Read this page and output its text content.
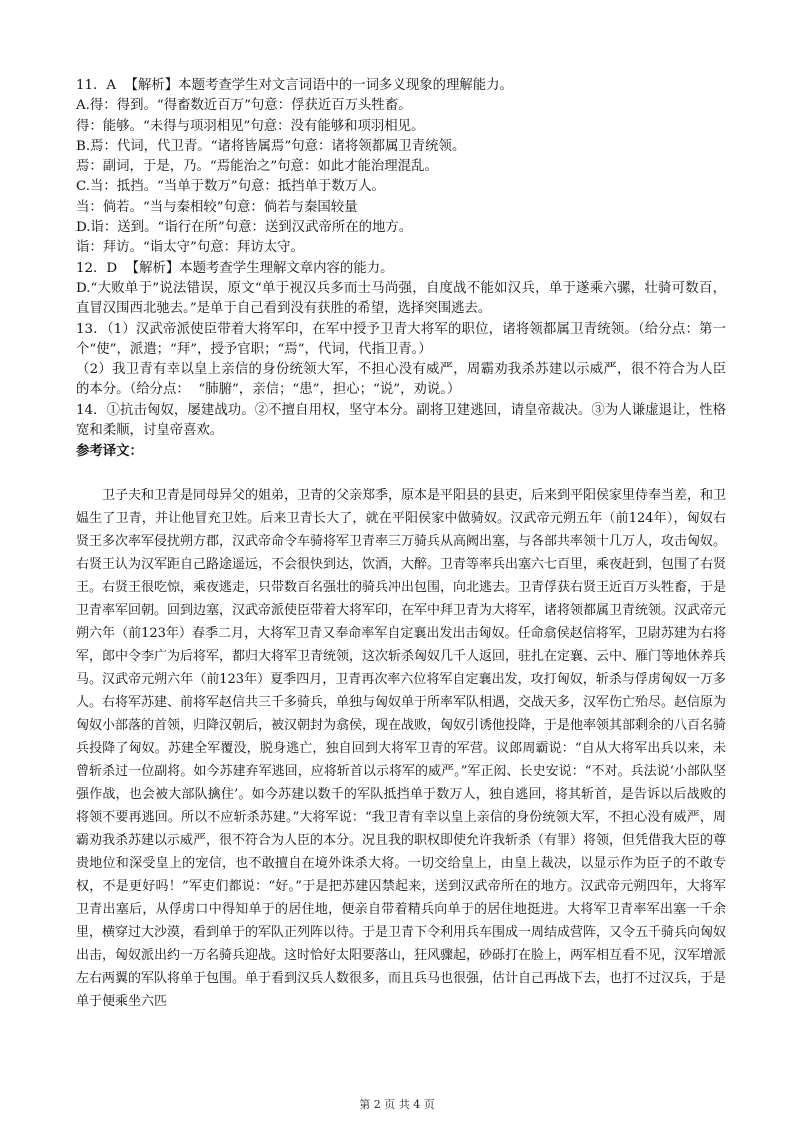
11．A  【解析】本题考查学生对文言词语中的一词多义现象的理解能力。

A.得：得到。“得畜数近百万”句意：俘获近百万头牲畜。

得：能够。“未得与项羽相见”句意：没有能够和项羽相见。

B.焉：代词，代卫青。“诸将皆属焉”句意：诸将领都属卫青统领。

焉：副词，于是，乃。“焉能治之”句意：如此才能治理混乱。

C.当：抵挡。“当单于数万”句意：抵挡单于数万人。

当：倘若。“当与秦相较”句意：倘若与秦国较量

D.诣：送到。“诣行在所”句意：送到汉武帝所在的地方。

诣：拜访。“诣太守”句意：拜访太守。

12．D  【解析】本题考查学生理解文章内容的能力。

D.“大败单于”说法错误，原文“单于视汉兵多而士马尚强，自度战不能如汉兵，单于遂乘六骡，壮骑可数百，直冒汉围西北驰去。”是单于自己看到没有获胜的希望，选择突围逃去。

13．（1）汉武帝派使臣带着大将军印，在军中授予卫青大将军的职位，诸将领都属卫青统领。（给分点：第一个“使”，派遣；“拜”，授予官职；“焉”，代词，代指卫青。）

（2）我卫青有幸以皇上亲信的身份统领大军，不担心没有威严，周霸劝我杀苏建以示威严，很不符合为人臣的本分。（给分点：  “肺腑”，亲信；“患”，担心；“说”，劝说。）

14．①抗击匈奴，屡建战功。②不擅自用权，坚守本分。副将卫建逃回，请皇帝裁决。③为人谦虚退让，性格宽和柔顺，讨皇帝喜欢。

参考译文：

卫子夫和卫青是同母异父的姐弟，卫青的父亲郑季，原本是平阳县的县吏，后来到平阳侯家里侍奉当差，和卫媪生了卫青，并让他冒充卫姓。后来卫青长大了，就在平阳侯家中做骑奴。汉武帝元朔五年（前124年），匈奴右贤王多次率军侵扰朔方郡，汉武帝命令车骑将军卫青率三万骑兵从高阙出塞，与各部共率领十几万人，攻击匈奴。右贤王认为汉军距自己路途遥远，不会很快到达，饮酒，大醉。卫青等率兵出塞六七百里，乘夜赶到，包围了右贤王。右贤王很吃惊，乘夜逃走，只带数百名强壮的骑兵冲出包围，向北逃去。卫青俘获右贤王近百万头牲畜，于是卫青率军回朝。回到边塞，汉武帝派使臣带着大将军印，在军中拜卫青为大将军，诸将领都属卫青统领。汉武帝元朔六年（前123年）春季二月，大将军卫青又奉命率军自定襄出发出击匈奴。任命翕侯赵信将军，卫尉苏建为右将军，郎中令李广为后将军，都归大将军卫青统领，这次斩杀匈奴几千人返回，驻扎在定襄、云中、雁门等地休养兵马。汉武帝元朔六年（前123年）夏季四月，卫青再次率六位将军自定襄出发，攻打匈奴，斩杀与俘虏匈奴一万多人。右将军苏建、前将军赵信共三千多骑兵，单独与匈奴单于所率军队相遇，交战天多，汉军伤亡殆尽。赵信原为匈奴小部落的首领，归降汉朝后，被汉朝封为翕侯，现在战败，匈奴引诱他投降，于是他率领其部剩余的八百名骑兵投降了匈奴。苏建全军覆没，脱身逃亡，独自回到大将军卫青的军营。议郎周霸说：“自从大将军出兵以来，未曾斩杀过一位副将。如今苏建弃军逃回，应将斩首以示将军的威严。”军正闳、长史安说：“不对。兵法说‘小部队坚强作战，也会被大部队擒住’。如今苏建以数千的军队抵挡单于数万人，独自逃回，将其斩首，是告诉以后战败的将领不要再逃回。所以不应斩杀苏建。”大将军说：“我卫青有幸以皇上亲信的身份统领大军，不担心没有威严，周霸劝我杀苏建以示威严，很不符合为人臣的本分。况且我的职权即使允许我斩杀（有罪）将领，但凭借我大臣的尊贵地位和深受皇上的宠信，也不敢擅自在境外诛杀大将。一切交给皇上，由皇上裁决，以显示作为臣子的不敢专权，不是更好吗！”军吏们都说：“好。”于是把苏建囚禁起来，送到汉武帝所在的地方。汉武帝元朔四年，大将军卫青出塞后，从俘虏口中得知单于的居住地，便亲自带着精兵向单于的居住地挺进。大将军卫青率军出塞一千余里，横穿过大沙漠，看到单于的军队正列阵以待。于是卫青下令利用兵车围成一周结成营阵，又令五千骑兵向匈奴出击，匈奴派出约一万名骑兵迎战。这时恰好太阳要落山，狂风骤起，砂砾打在脸上，两军相互看不见，汉军增派左右两翼的军队将单于包围。单于看到汉兵人数很多，而且兵马也很强，估计自己再战下去，也打不过汉兵，于是单于便乘坐六匹

第 2 页 共 4 页
